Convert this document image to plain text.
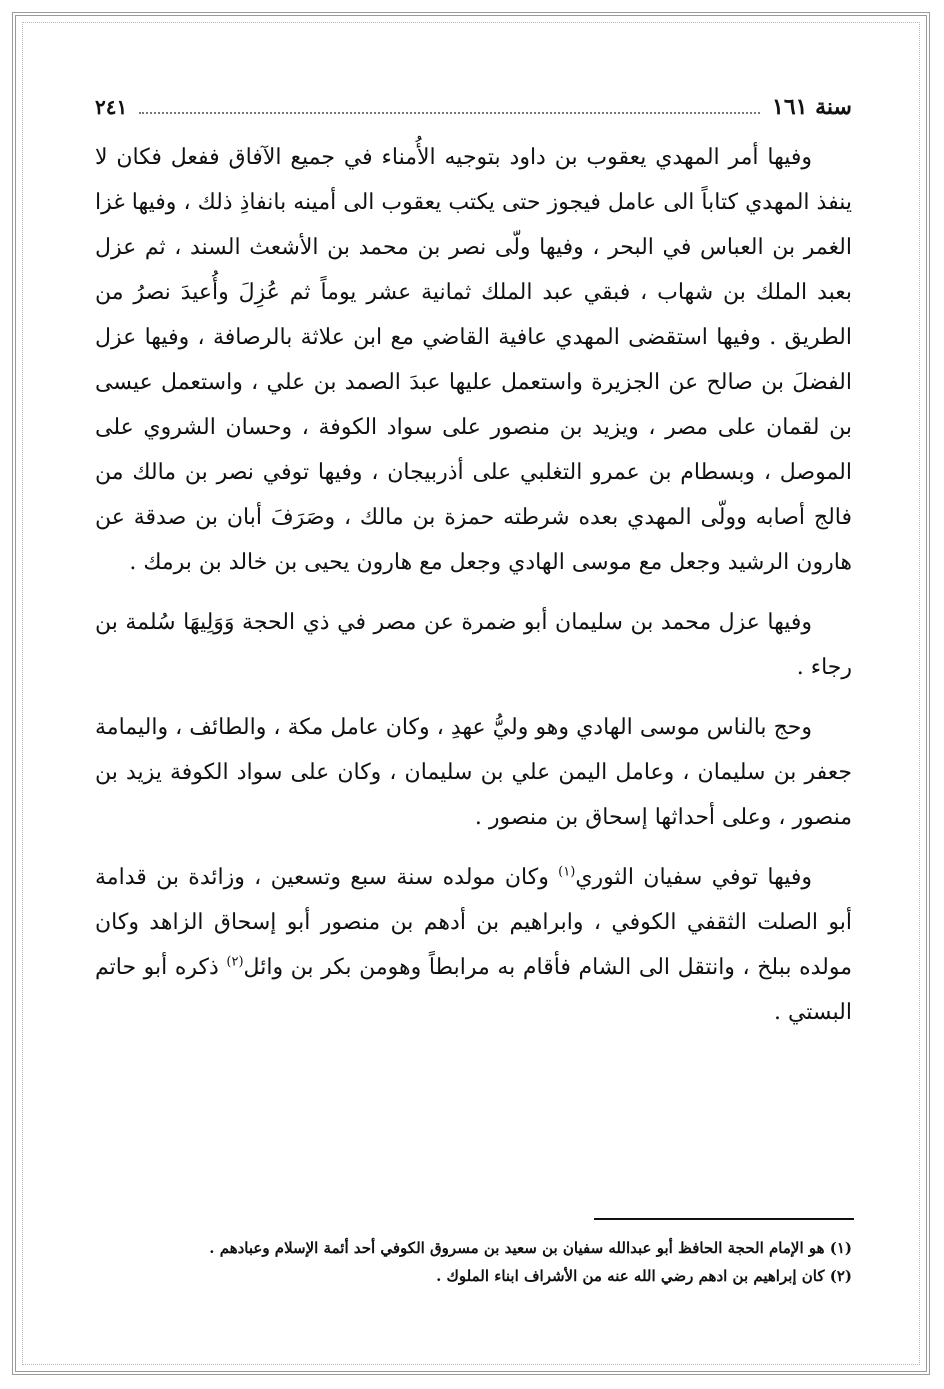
سنة ١٦١
٢٤١

وفيها أمر المهدي يعقوب بن داود بتوجيه الأُمناء في جميع الآفاق ففعل فكان لا ينفذ المهدي كتاباً الى عامل فيجوز حتى يكتب يعقوب الى أمينه بانفاذِ ذلك ، وفيها غزا الغمر بن العباس في البحر ، وفيها ولّى نصر بن محمد بن الأشعث السند ، ثم عزل بعبد الملك بن شهاب ، فبقي عبد الملك ثمانية عشر يوماً ثم عُزِلَ وأُعيدَ نصرُ من الطريق . وفيها استقضى المهدي عافية القاضي مع ابن علاثة بالرصافة ، وفيها عزل الفضلَ بن صالح عن الجزيرة واستعمل عليها عبدَ الصمد بن علي ، واستعمل عيسى بن لقمان على مصر ، ويزيد بن منصور على سواد الكوفة ، وحسان الشروي على الموصل ، وبسطام بن عمرو التغلبي على أذربيجان ، وفيها توفي نصر بن مالك من فالج أصابه وولّى المهدي بعده شرطته حمزة بن مالك ، وصَرَفَ أبان بن صدقة عن هارون الرشيد وجعل مع موسى الهادي وجعل مع هارون يحيى بن خالد بن برمك .

وفيها عزل محمد بن سليمان أبو ضمرة عن مصر في ذي الحجة وَوَلِيهَا سُلمة بن رجاء .

وحج بالناس موسى الهادي وهو وليُّ عهدِ ، وكان عامل مكة ، والطائف ، واليمامة جعفر بن سليمان ، وعامل اليمن علي بن سليمان ، وكان على سواد الكوفة يزيد بن منصور ، وعلى أحداثها إسحاق بن منصور .

وفيها توفي سفيان الثوري$^{(١)}$ وكان مولده سنة سبع وتسعين ، وزائدة بن قدامة أبو الصلت الثقفي الكوفي ، وابراهيم بن أدهم بن منصور أبو إسحاق الزاهد وكان مولده ببلخ ، وانتقل الى الشام فأقام به مرابطاً وهومن بكر بن وائل$^{(٢)}$ ذكره أبو حاتم البستي .

(١) هو الإمام الحجة الحافظ أبو عبدالله سفيان بن سعيد بن مسروق الكوفي أحد أئمة الإسلام وعبادهم .
(٢) كان إبراهيم بن ادهم رضي الله عنه من الأشراف ابناء الملوك .
